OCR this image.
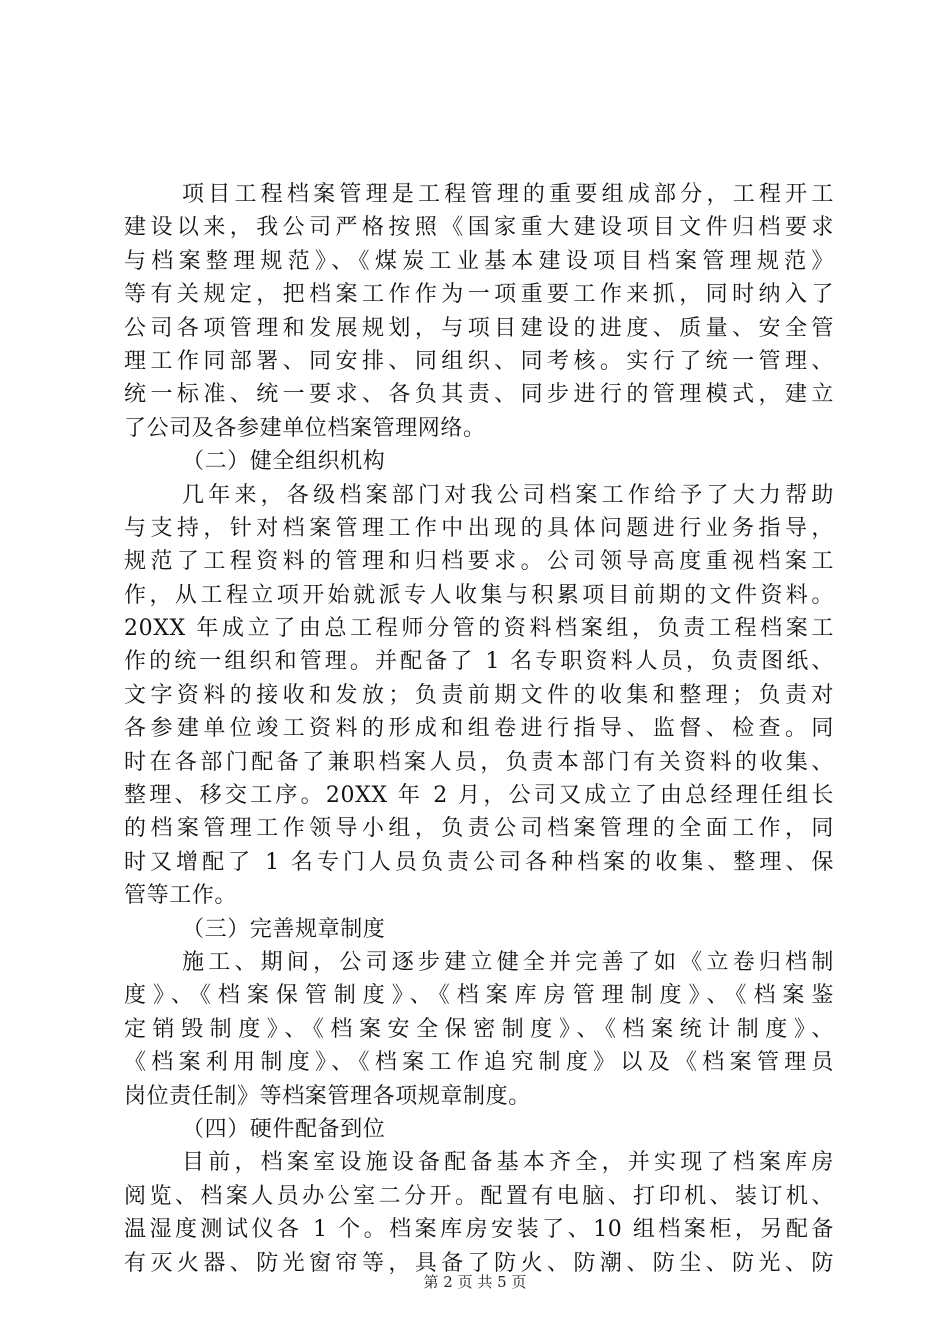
项目工程档案管理是工程管理的重要组成部分，工程开工
建设以来，我公司严格按照《国家重大建设项目文件归档要求
与档案整理规范》、《煤炭工业基本建设项目档案管理规范》
等有关规定，把档案工作作为一项重要工作来抓，同时纳入了
公司各项管理和发展规划，与项目建设的进度、质量、安全管
理工作同部署、同安排、同组织、同考核。实行了统一管理、
统一标准、统一要求、各负其责、同步进行的管理模式，建立
了公司及各参建单位档案管理网络。
（二）健全组织机构
几年来，各级档案部门对我公司档案工作给予了大力帮助
与支持，针对档案管理工作中出现的具体问题进行业务指导，
规范了工程资料的管理和归档要求。公司领导高度重视档案工
作，从工程立项开始就派专人收集与积累项目前期的文件资料。
20XX 年成立了由总工程师分管的资料档案组，负责工程档案工
作的统一组织和管理。并配备了 1 名专职资料人员，负责图纸、
文字资料的接收和发放；负责前期文件的收集和整理；负责对
各参建单位竣工资料的形成和组卷进行指导、监督、检查。同
时在各部门配备了兼职档案人员，负责本部门有关资料的收集、
整理、移交工序。20XX 年 2 月，公司又成立了由总经理任组长
的档案管理工作领导小组，负责公司档案管理的全面工作，同
时又增配了 1 名专门人员负责公司各种档案的收集、整理、保
管等工作。
（三）完善规章制度
施工、期间，公司逐步建立健全并完善了如《立卷归档制
度》、《档案保管制度》、《档案库房管理制度》、《档案鉴
定销毁制度》、《档案安全保密制度》、《档案统计制度》、
《档案利用制度》、《档案工作追究制度》以及《档案管理员
岗位责任制》等档案管理各项规章制度。
（四）硬件配备到位
目前，档案室设施设备配备基本齐全，并实现了档案库房
阅览、档案人员办公室二分开。配置有电脑、打印机、装订机、
温湿度测试仪各 1 个。档案库房安装了、10 组档案柜，另配备
有灭火器、防光窗帘等，具备了防火、防潮、防尘、防光、防
第 2 页 共 5 页
